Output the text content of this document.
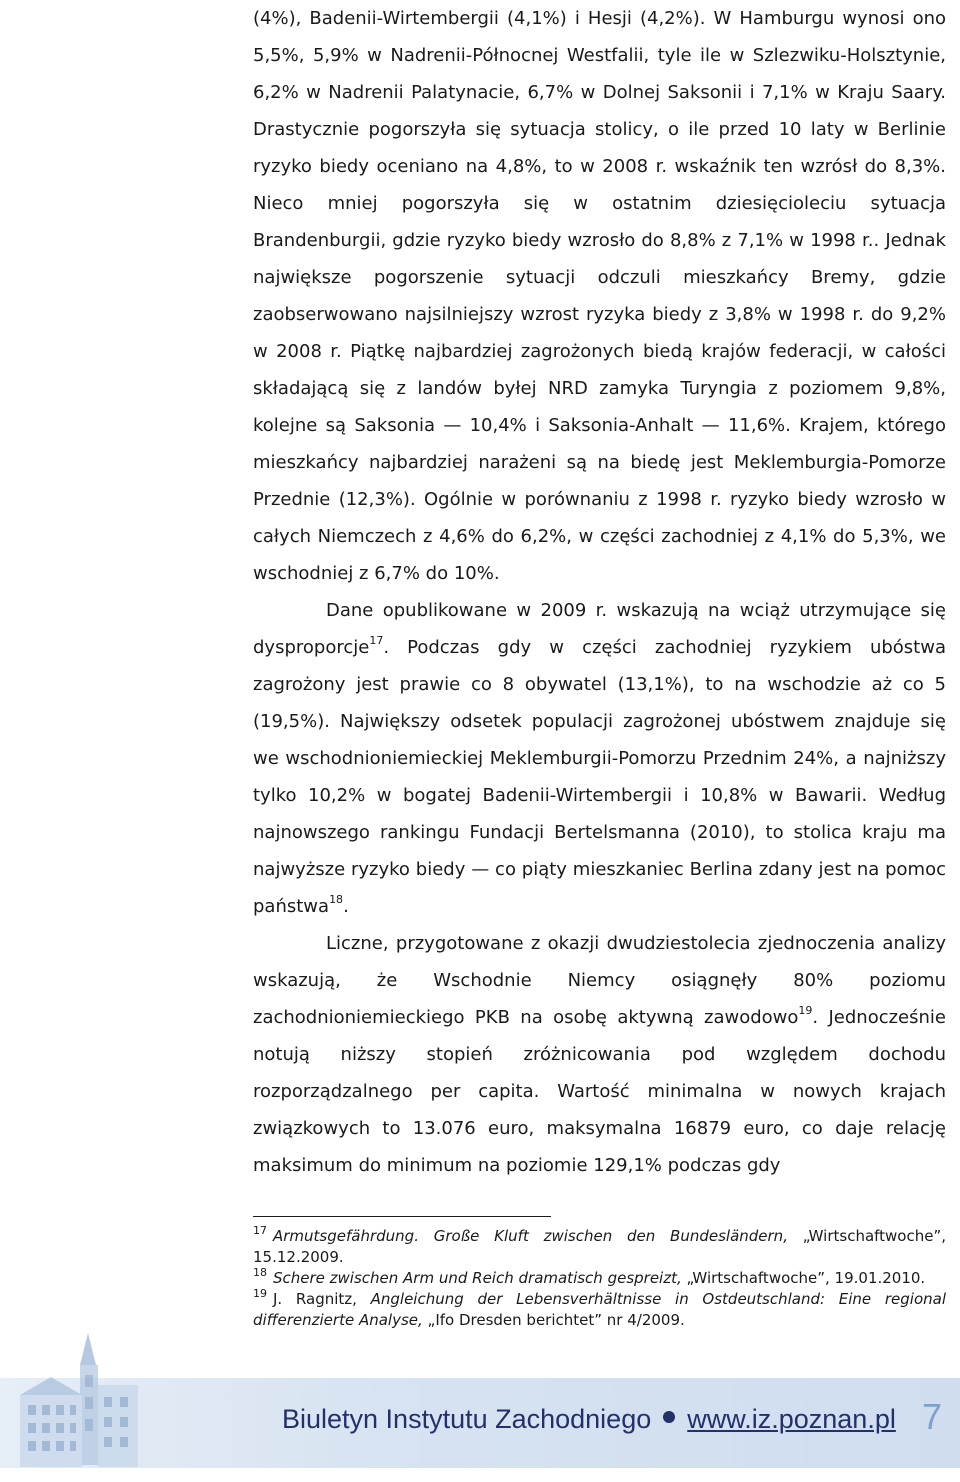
(4%), Badenii-Wirtembergii (4,1%) i Hesji (4,2%). W Hamburgu wynosi ono 5,5%, 5,9% w Nadrenii-Północnej Westfalii, tyle ile w Szlezwiku-Holsztynie, 6,2% w Nadrenii Palatynacie, 6,7% w Dolnej Saksonii i 7,1% w Kraju Saary. Drastycznie pogorszyła się sytuacja stolicy, o ile przed 10 laty w Berlinie ryzyko biedy oceniano na 4,8%, to w 2008 r. wskaźnik ten wzrósł do 8,3%. Nieco mniej pogorszyła się w ostatnim dziesięcioleciu sytuacja Brandenburgii, gdzie ryzyko biedy wzrosło do 8,8% z 7,1% w 1998 r.. Jednak największe pogorszenie sytuacji odczuli mieszkańcy Bremy, gdzie zaobserwowano najsilniejszy wzrost ryzyka biedy z 3,8% w 1998 r. do 9,2% w 2008 r. Piątkę najbardziej zagrożonych biedą krajów federacji, w całości składającą się z landów byłej NRD zamyka Turyngia z poziomem 9,8%, kolejne są Saksonia — 10,4% i Saksonia-Anhalt — 11,6%. Krajem, którego mieszkańcy najbardziej narażeni są na biedę jest Meklemburgia-Pomorze Przednie (12,3%). Ogólnie w porównaniu z 1998 r. ryzyko biedy wzrosło w całych Niemczech z 4,6% do 6,2%, w części zachodniej z 4,1% do 5,3%, we wschodniej z 6,7% do 10%.

Dane opublikowane w 2009 r. wskazują na wciąż utrzymujące się dysproporcje$^{17}$. Podczas gdy w części zachodniej ryzykiem ubóstwa zagrożony jest prawie co 8 obywatel (13,1%), to na wschodzie aż co 5 (19,5%). Największy odsetek populacji zagrożonej ubóstwem znajduje się we wschodnioniemieckiej Meklemburgii-Pomorzu Przednim 24%, a najniższy tylko 10,2% w bogatej Badenii-Wirtembergii i 10,8% w Bawarii. Według najnowszego rankingu Fundacji Bertelsmanna (2010), to stolica kraju ma najwyższe ryzyko biedy — co piąty mieszkaniec Berlina zdany jest na pomoc państwa$^{18}$.

Liczne, przygotowane z okazji dwudziestolecia zjednoczenia analizy wskazują, że Wschodnie Niemcy osiągnęły 80% poziomu zachodnioniemieckiego PKB na osobę aktywną zawodowo$^{19}$. Jednocześnie notują niższy stopień zróżnicowania pod względem dochodu rozporządzalnego per capita. Wartość minimalna w nowych krajach związkowych to 13.076 euro, maksymalna 16879 euro, co daje relację maksimum do minimum na poziomie 129,1% podczas gdy

$^{17}$ Armutsgefährdung. Große Kluft zwischen den Bundesländern, „Wirtschaftwoche”, 15.12.2009.

$^{18}$ Schere zwischen Arm und Reich dramatisch gespreizt, „Wirtschaftwoche”, 19.01.2010.

$^{19}$ J. Ragnitz, Angleichung der Lebensverhältnisse in Ostdeutschland: Eine regional differenzierte Analyse, „Ifo Dresden berichtet” nr 4/2009.

Biuletyn Instytutu Zachodniego www.iz.poznan.pl 7
